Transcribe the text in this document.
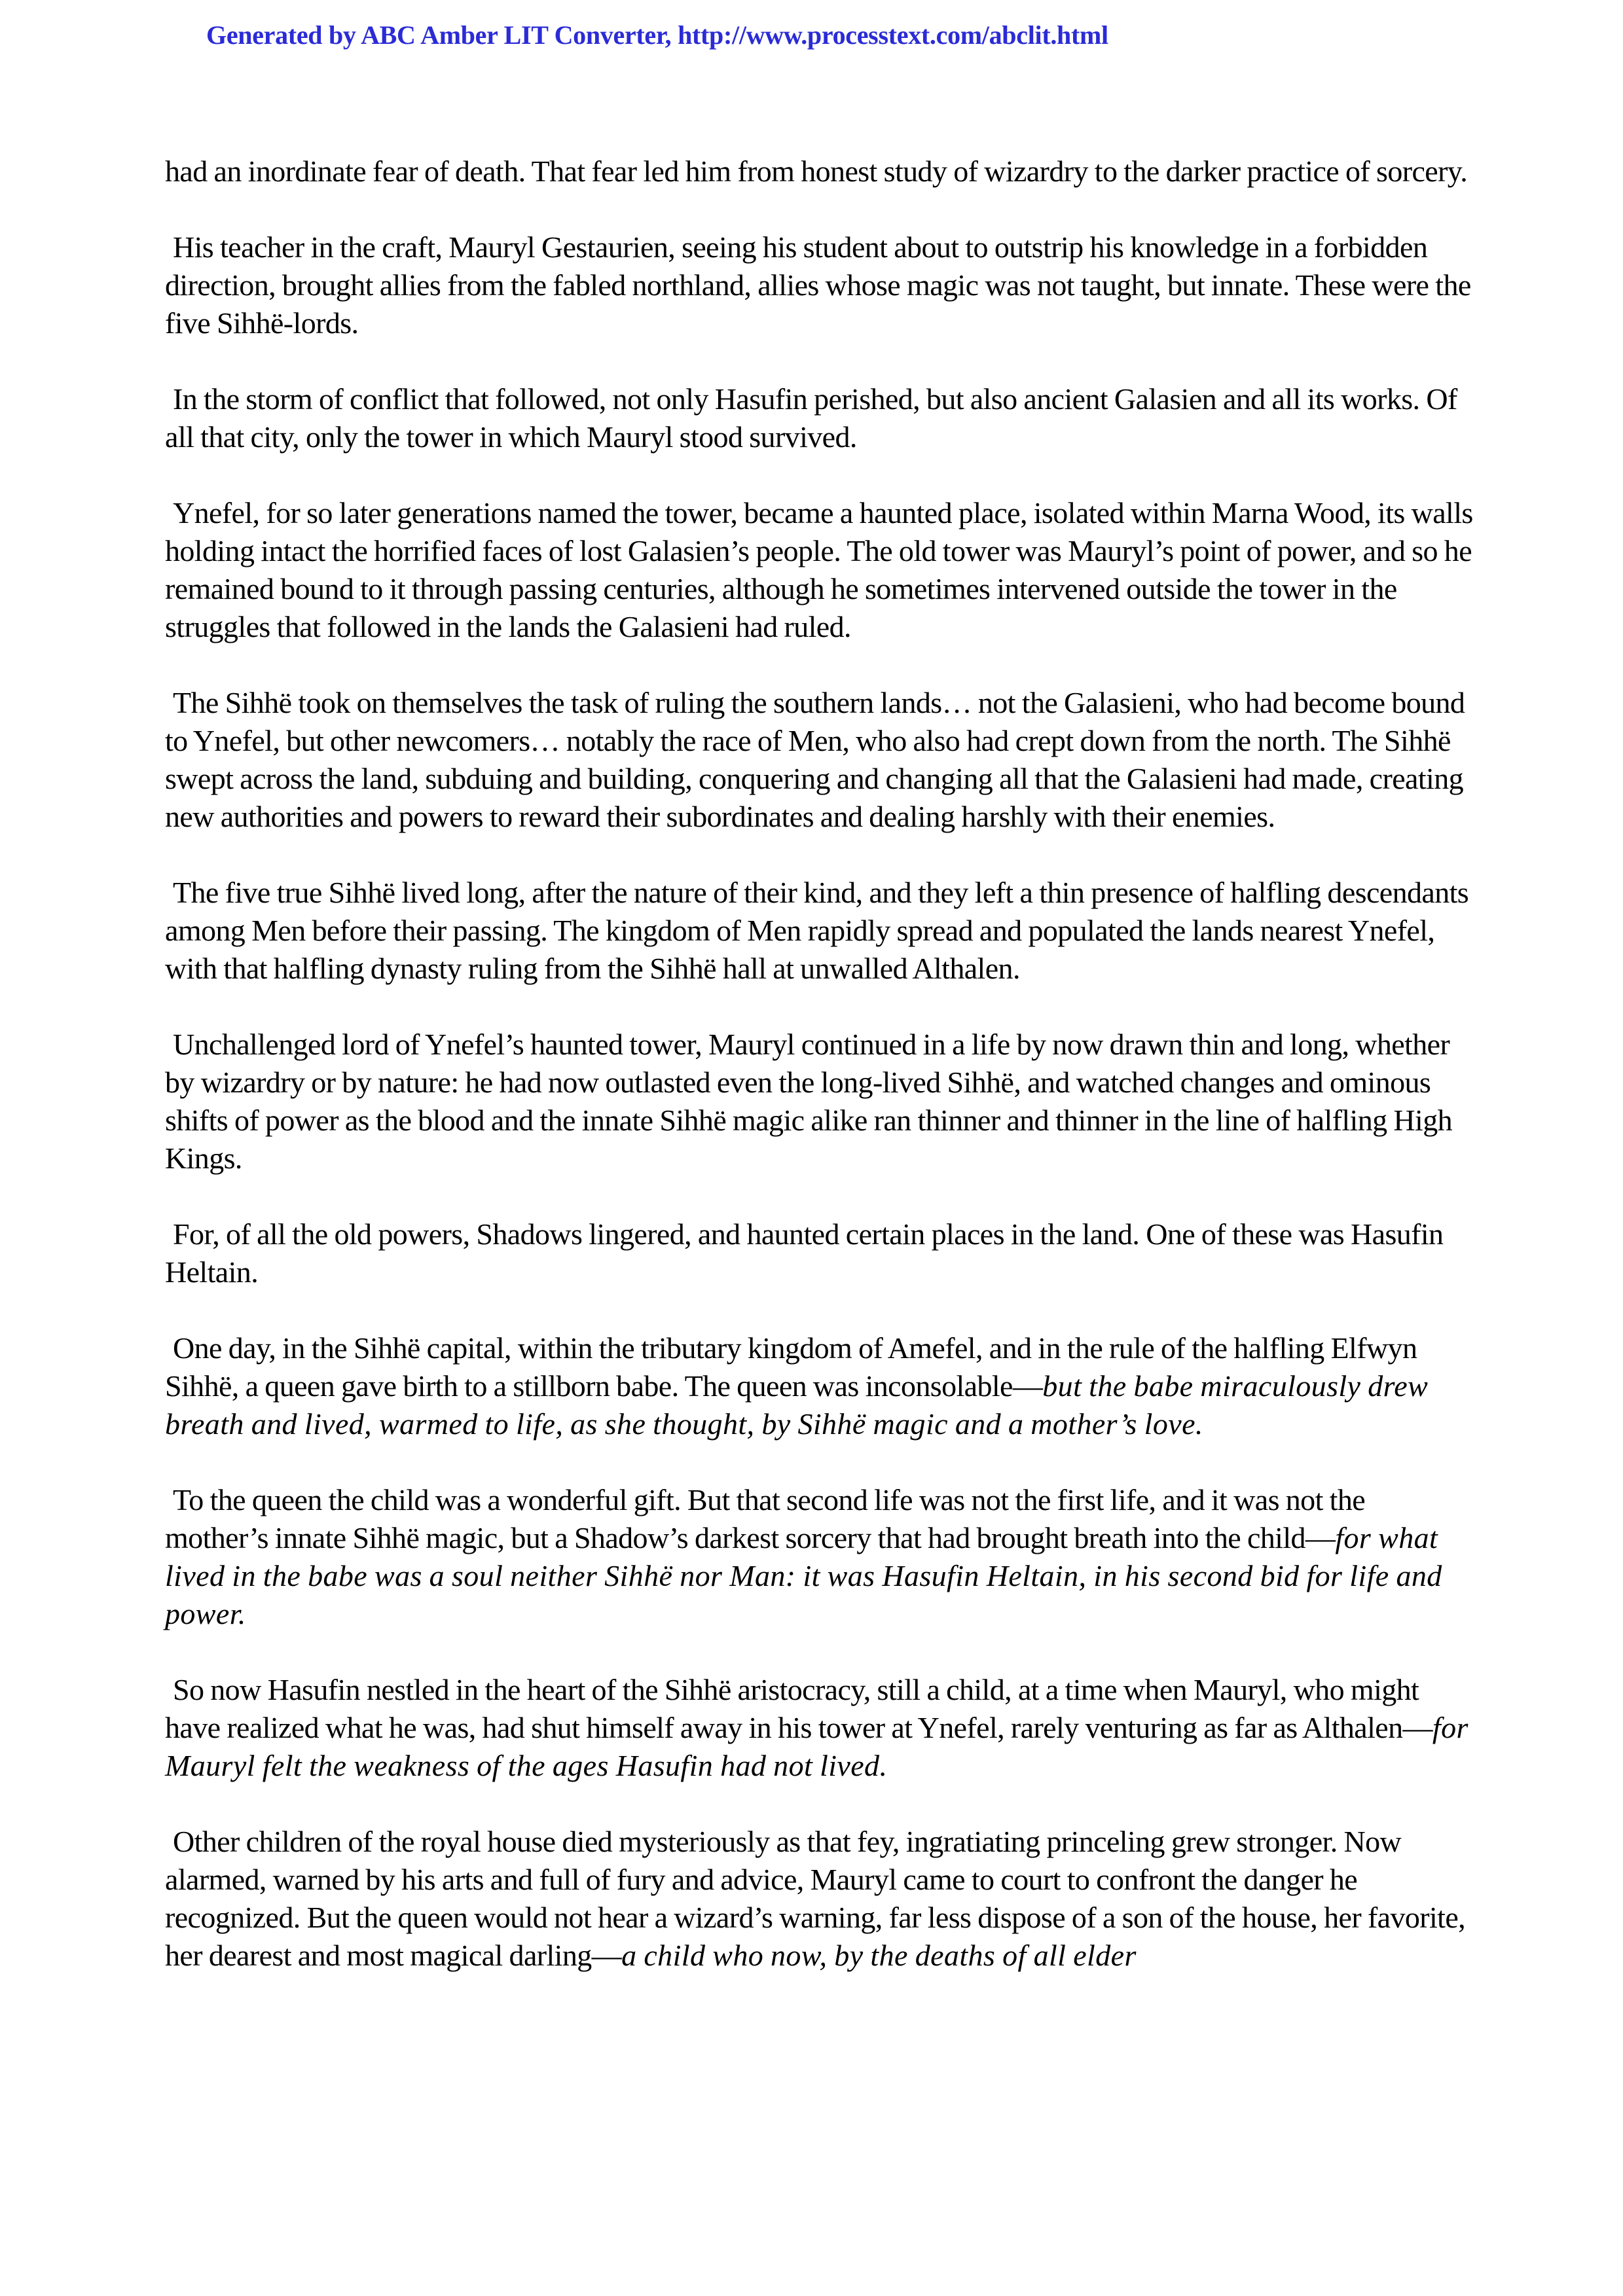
Generated by ABC Amber LIT Converter, http://www.processtext.com/abclit.html

had an inordinate fear of death. That fear led him from honest study of wizardry to the darker practice of sorcery.

His teacher in the craft, Mauryl Gestaurien, seeing his student about to outstrip his knowledge in a forbidden direction, brought allies from the fabled northland, allies whose magic was not taught, but innate. These were the five Sihhë-lords.

In the storm of conflict that followed, not only Hasufin perished, but also ancient Galasien and all its works. Of all that city, only the tower in which Mauryl stood survived.

Ynefel, for so later generations named the tower, became a haunted place, isolated within Marna Wood, its walls holding intact the horrified faces of lost Galasien’s people. The old tower was Mauryl’s point of power, and so he remained bound to it through passing centuries, although he sometimes intervened outside the tower in the struggles that followed in the lands the Galasieni had ruled.

The Sihhë took on themselves the task of ruling the southern lands… not the Galasieni, who had become bound to Ynefel, but other newcomers… notably the race of Men, who also had crept down from the north. The Sihhë swept across the land, subduing and building, conquering and changing all that the Galasieni had made, creating new authorities and powers to reward their subordinates and dealing harshly with their enemies.

The five true Sihhë lived long, after the nature of their kind, and they left a thin presence of halfling descendants among Men before their passing. The kingdom of Men rapidly spread and populated the lands nearest Ynefel, with that halfling dynasty ruling from the Sihhë hall at unwalled Althalen.

Unchallenged lord of Ynefel’s haunted tower, Mauryl continued in a life by now drawn thin and long, whether by wizardry or by nature: he had now outlasted even the long-lived Sihhë, and watched changes and ominous shifts of power as the blood and the innate Sihhë magic alike ran thinner and thinner in the line of halfling High Kings.

For, of all the old powers, Shadows lingered, and haunted certain places in the land. One of these was Hasufin Heltain.

One day, in the Sihhë capital, within the tributary kingdom of Amefel, and in the rule of the halfling Elfwyn Sihhë, a queen gave birth to a stillborn babe. The queen was inconsolable—but the babe miraculously drew breath and lived, warmed to life, as she thought, by Sihhë magic and a mother’s love.

To the queen the child was a wonderful gift. But that second life was not the first life, and it was not the mother’s innate Sihhë magic, but a Shadow’s darkest sorcery that had brought breath into the child—for what lived in the babe was a soul neither Sihhë nor Man: it was Hasufin Heltain, in his second bid for life and power.

So now Hasufin nestled in the heart of the Sihhë aristocracy, still a child, at a time when Mauryl, who might have realized what he was, had shut himself away in his tower at Ynefel, rarely venturing as far as Althalen—for Mauryl felt the weakness of the ages Hasufin had not lived.

Other children of the royal house died mysteriously as that fey, ingratiating princeling grew stronger. Now alarmed, warned by his arts and full of fury and advice, Mauryl came to court to confront the danger he recognized. But the queen would not hear a wizard’s warning, far less dispose of a son of the house, her favorite, her dearest and most magical darling—a child who now, by the deaths of all elder
